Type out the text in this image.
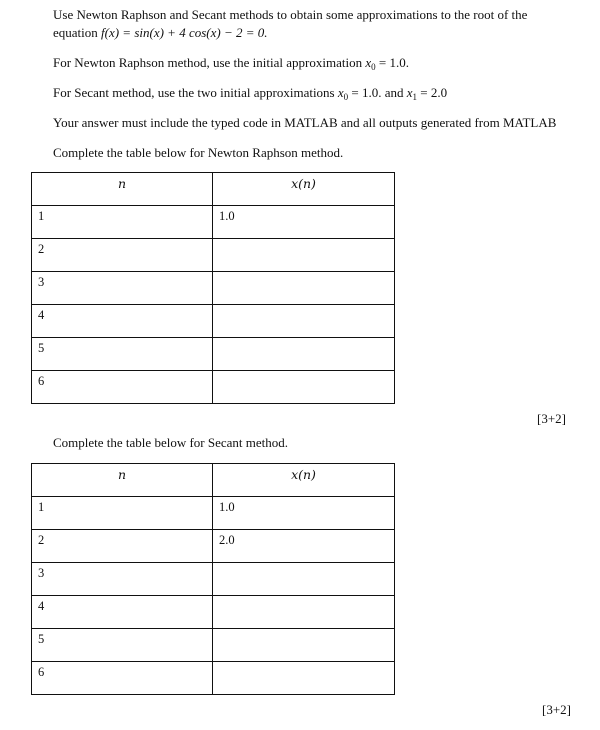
Use Newton Raphson and Secant methods to obtain some approximations to the root of the
equation f(x) = sin(x) + 4 cos(x) − 2 = 0.
For Newton Raphson method, use the initial approximation $x_0 = 1.0$.
For Secant method, use the two initial approximations $x_0 = 1.0$. and $x_1 = 2.0$
Your answer must include the typed code in MATLAB and all outputs generated from MATLAB
Complete the table below for Newton Raphson method.
n	x(n)
1	1.0
2	
3	
4	
5	
6	
[3+2]
Complete the table below for Secant method.
n	x(n)
1	1.0
2	2.0
3	
4	
5	
6	
[3+2]
